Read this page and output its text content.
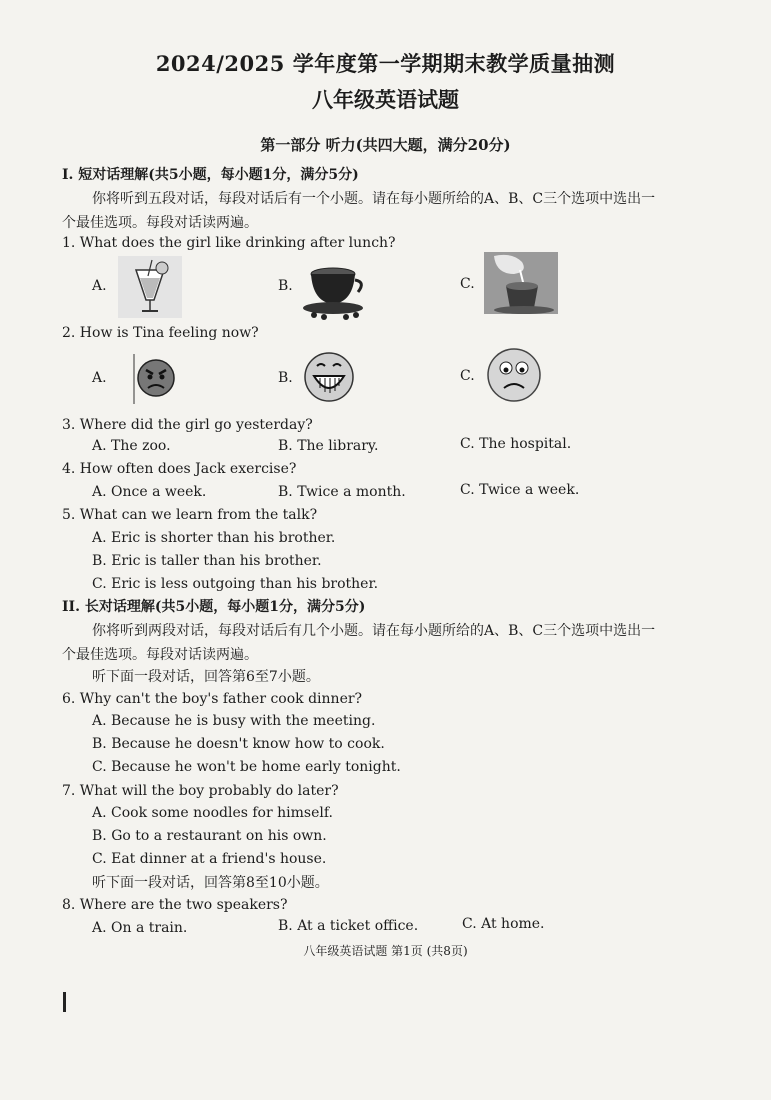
2024/2025 学年度第一学期期末教学质量抽测
八年级英语试题
第一部分 听力(共四大题，满分20分)
I. 短对话理解(共5小题，每小题1分，满分5分)
你将听到五段对话，每段对话后有一个小题。请在每小题所给的A、B、C三个选项中选出一
个最佳选项。每段对话读两遍。
1. What does the girl like drinking after lunch?
A.	B.	C.
2. How is Tina feeling now?
A.	B.	C.
3. Where did the girl go yesterday?
A. The zoo.	B. The library.	C. The hospital.
4. How often does Jack exercise?
A. Once a week.	B. Twice a month.	C. Twice a week.
5. What can we learn from the talk?
A. Eric is shorter than his brother.
B. Eric is taller than his brother.
C. Eric is less outgoing than his brother.
II. 长对话理解(共5小题，每小题1分，满分5分)
你将听到两段对话，每段对话后有几个小题。请在每小题所给的A、B、C三个选项中选出一
个最佳选项。每段对话读两遍。
听下面一段对话，回答第6至7小题。
6. Why can't the boy's father cook dinner?
A. Because he is busy with the meeting.
B. Because he doesn't know how to cook.
C. Because he won't be home early tonight.
7. What will the boy probably do later?
A. Cook some noodles for himself.
B. Go to a restaurant on his own.
C. Eat dinner at a friend's house.
听下面一段对话，回答第8至10小题。
8. Where are the two speakers?
A. On a train.	B. At a ticket office.	C. At home.
八年级英语试题 第1页 (共8页)
